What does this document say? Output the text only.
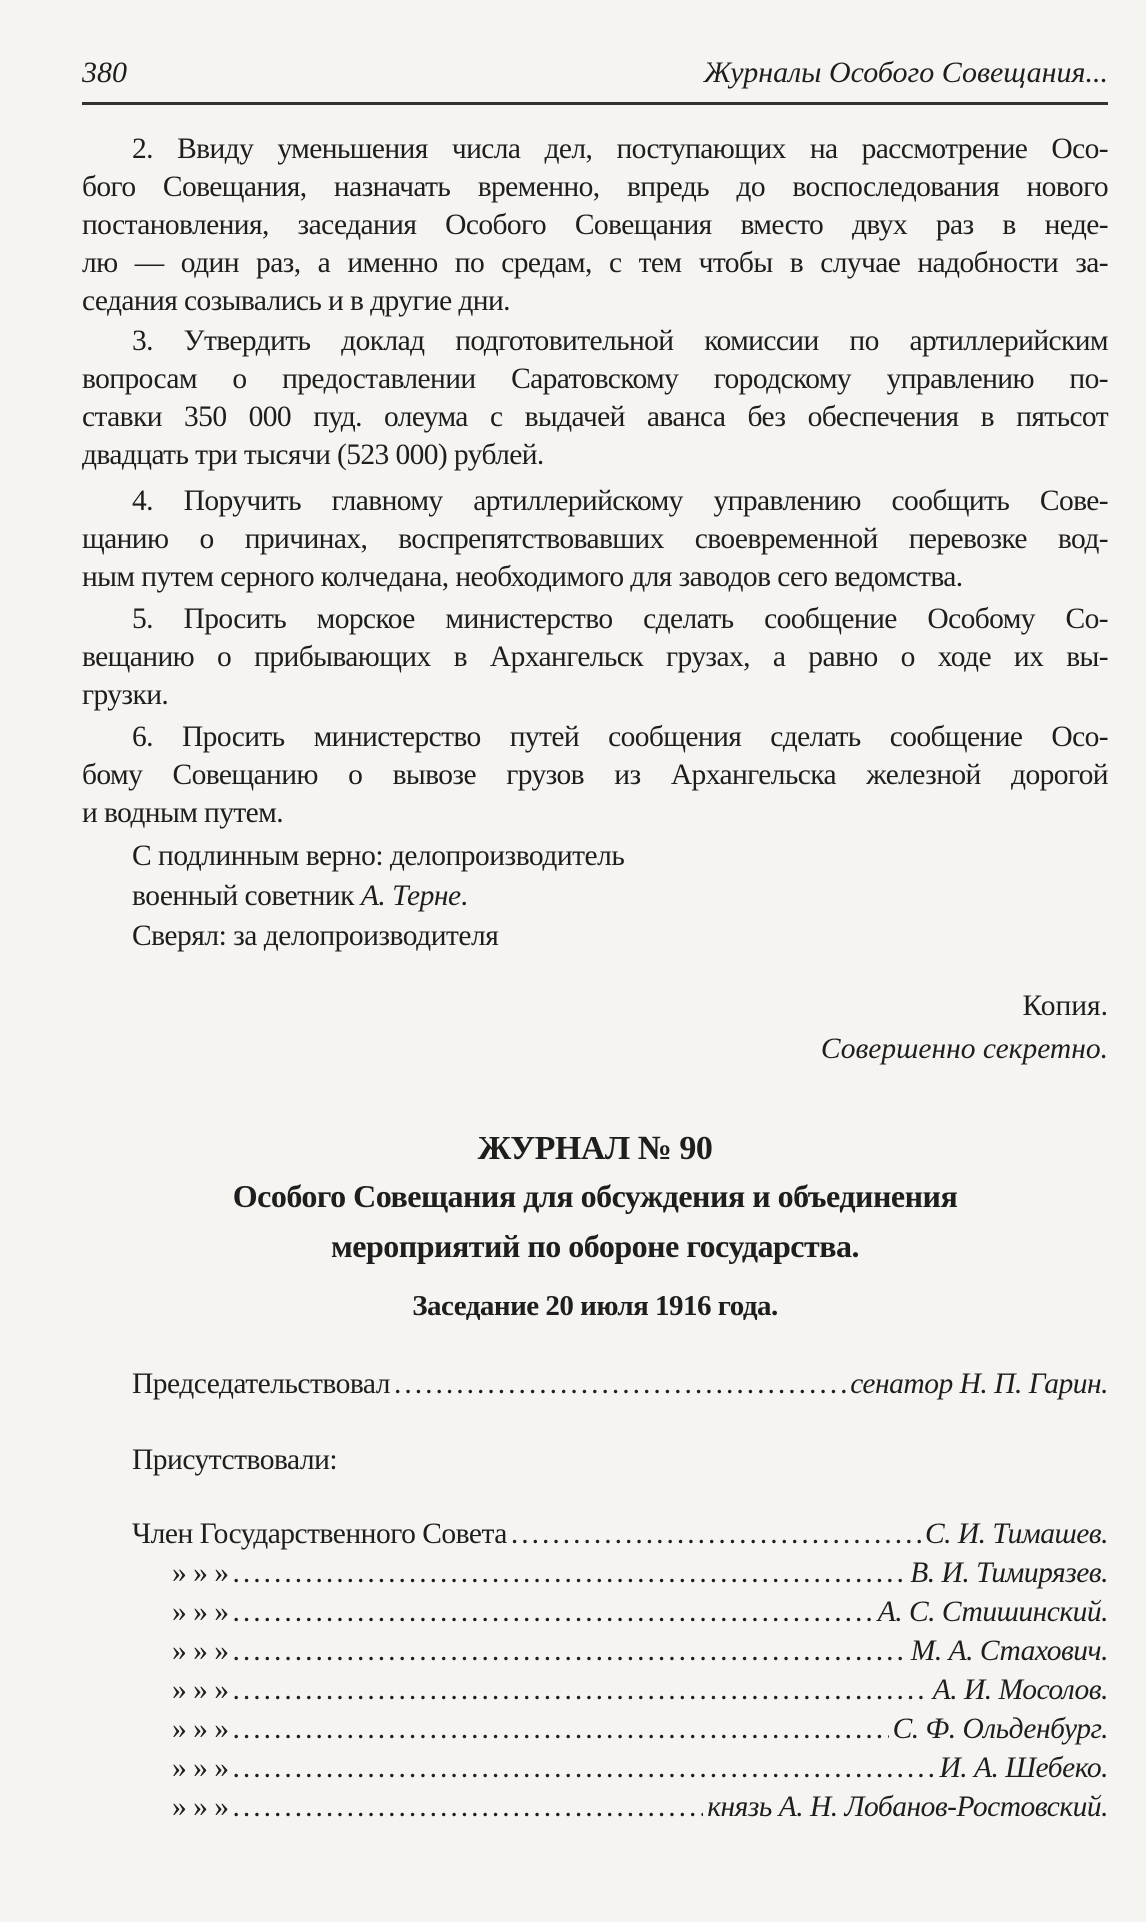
380	Журналы Особого Совещания...
2. Ввиду уменьшения числа дел, поступающих на рассмотрение Осо-
бого Совещания, назначать временно, впредь до воспоследования нового
постановления, заседания Особого Совещания вместо двух раз в неде-
лю — один раз, а именно по средам, с тем чтобы в случае надобности за-
седания созывались и в другие дни.
3. Утвердить доклад подготовительной комиссии по артиллерийским
вопросам о предоставлении Саратовскому городскому управлению по-
ставки 350 000 пуд. олеума с выдачей аванса без обеспечения в пятьсот
двадцать три тысячи (523 000) рублей.
4. Поручить главному артиллерийскому управлению сообщить Сове-
щанию о причинах, воспрепятствовавших своевременной перевозке вод-
ным путем серного колчедана, необходимого для заводов сего ведомства.
5. Просить морское министерство сделать сообщение Особому Со-
вещанию о прибывающих в Архангельск грузах, а равно о ходе их вы-
грузки.
6. Просить министерство путей сообщения сделать сообщение Осо-
бому Совещанию о вывозе грузов из Архангельска железной дорогой
и водным путем.
С подлинным верно: делопроизводитель
военный советник А. Терне.
Сверял: за делопроизводителя
Копия.
Совершенно секретно.
ЖУРНАЛ № 90
Особого Совещания для обсуждения и объединения
мероприятий по обороне государства.
Заседание 20 июля 1916 года.
Председательствовал .....	сенатор Н. П. Гарин.
Присутствовали:
Член Государственного Совета .....	С. И. Тимашев.
» » » .....	В. И. Тимирязев.
» » » .....	А. С. Стишинский.
» » » .....	М. А. Стахович.
» » » .....	А. И. Мосолов.
» » » .....	С. Ф. Ольденбург.
» » » .....	И. А. Шебеко.
» » » .....	князь А. Н. Лобанов-Ростовский.
